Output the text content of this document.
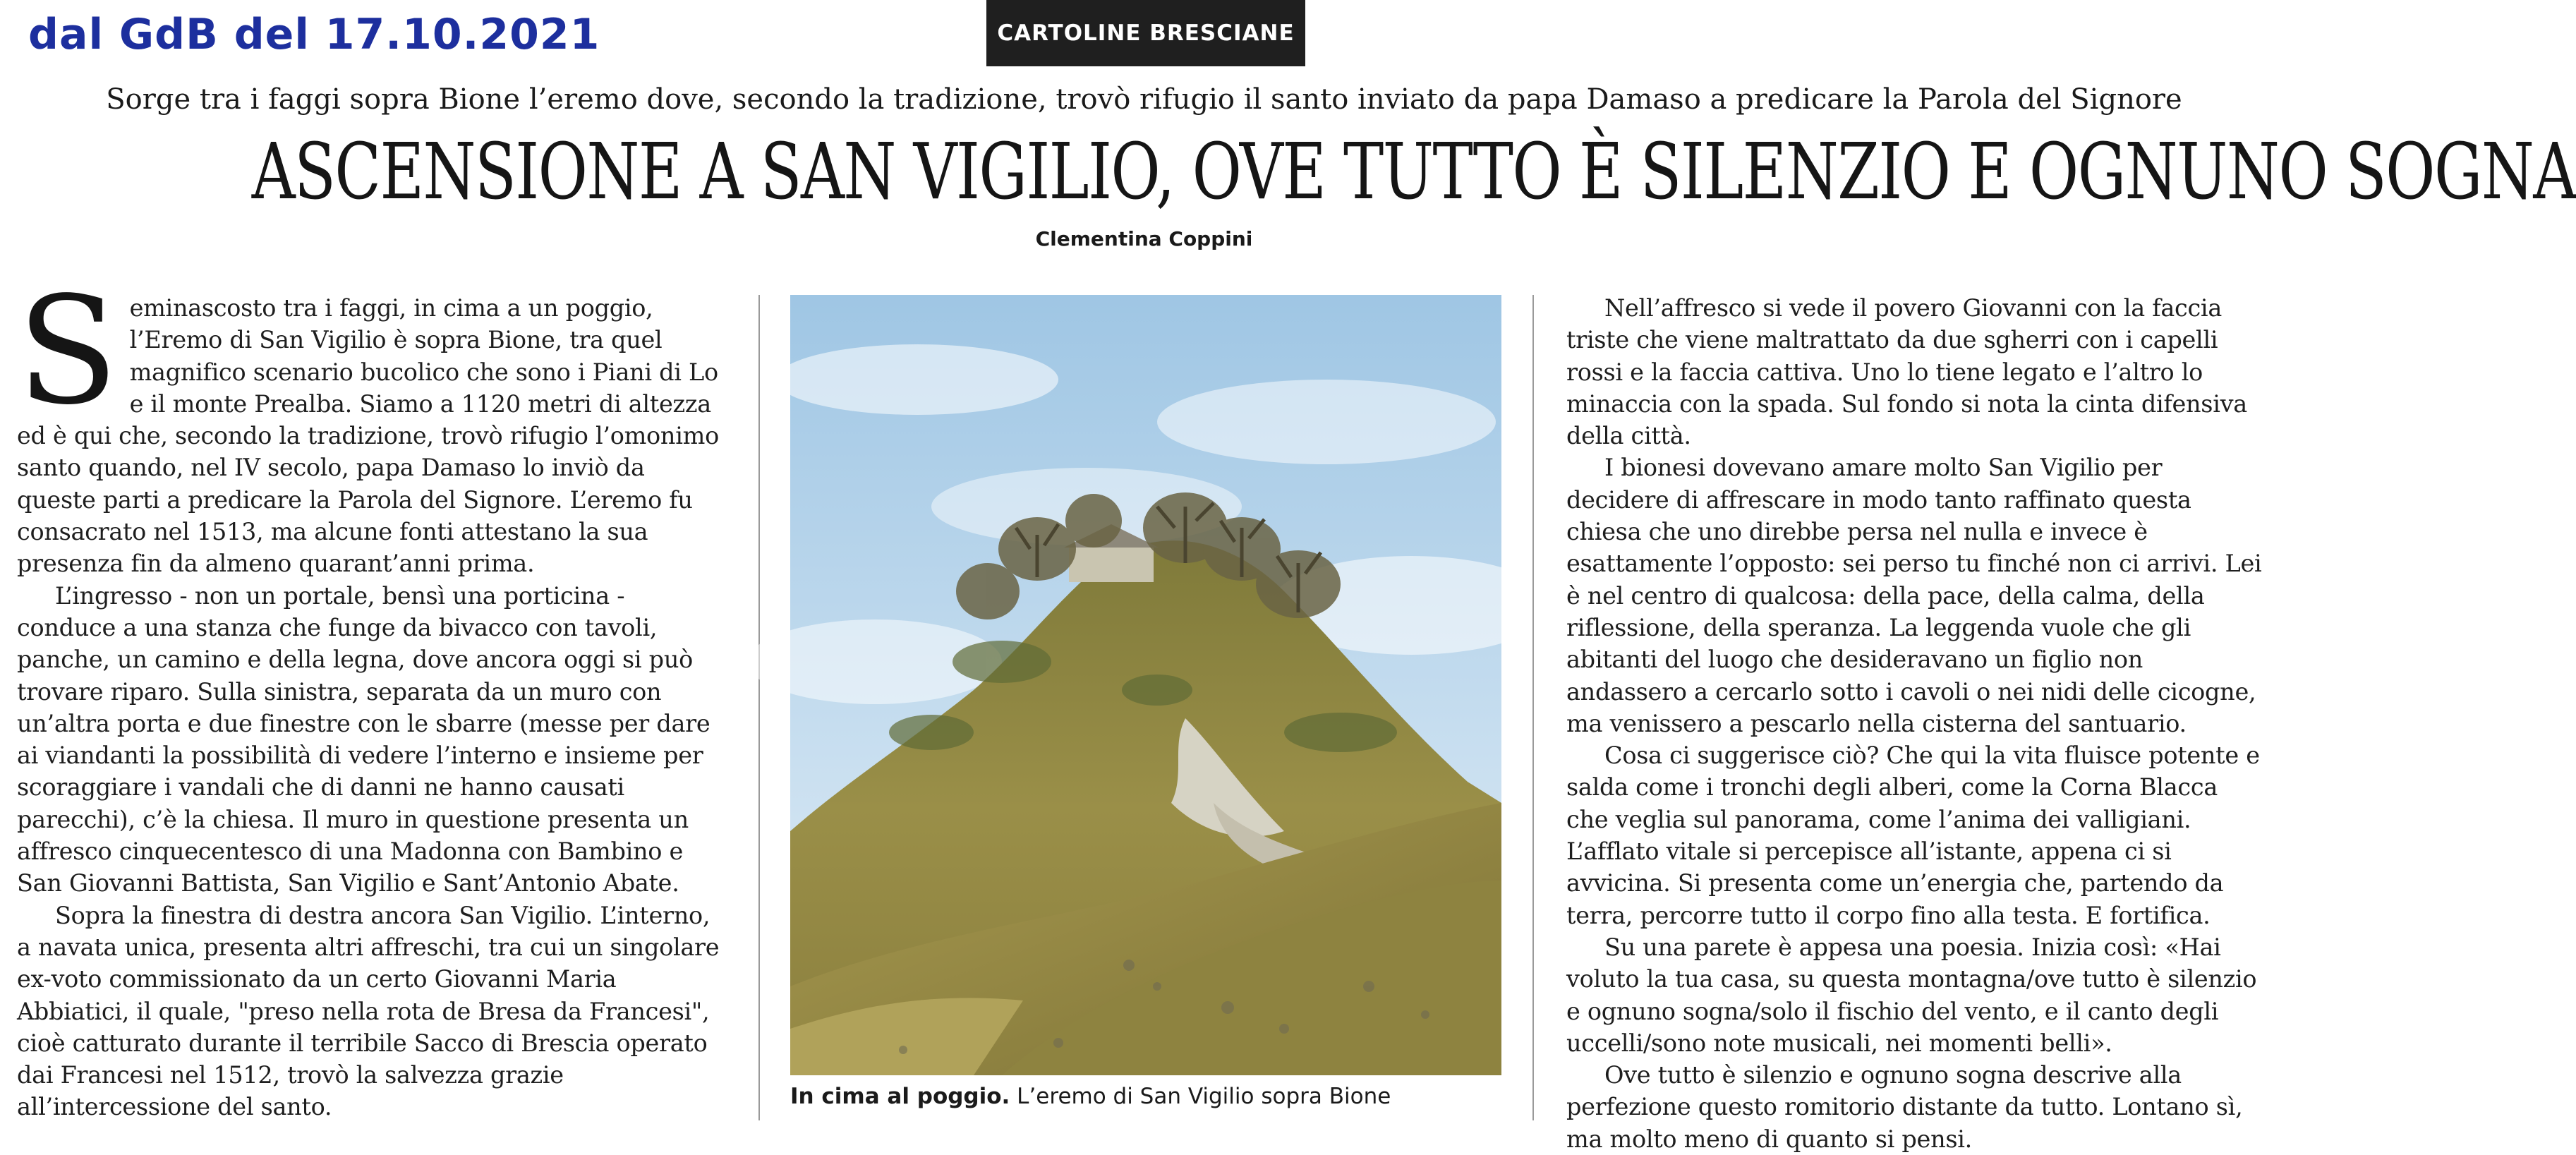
dal GdB del 17.10.2021	CARTOLINE BRESCIANE
Sorge tra i faggi sopra Bione l’eremo dove, secondo la tradizione, trovò rifugio il santo inviato da papa Damaso a predicare la Parola del Signore
ASCENSIONE A SAN VIGILIO, OVE TUTTO È SILENZIO E OGNUNO SOGNA
Clementina Coppini
S eminascosto tra i faggi, in cima a un poggio, l’Eremo di San Vigilio è sopra Bione, tra quel magnifico scenario bucolico che sono i Piani di Lo e il monte Prealba. Siamo a 1120 metri di altezza ed è qui che, secondo la tradizione, trovò rifugio l’omonimo santo quando, nel IV secolo, papa Damaso lo inviò da queste parti a predicare la Parola del Signore. L’eremo fu consacrato nel 1513, ma alcune fonti attestano la sua presenza fin da almeno quarant’anni prima.

L’ingresso - non un portale, bensì una porticina - conduce a una stanza che funge da bivacco con tavoli, panche, un camino e della legna, dove ancora oggi si può trovare riparo. Sulla sinistra, separata da un muro con un’altra porta e due finestre con le sbarre (messe per dare ai viandanti la possibilità di vedere l’interno e insieme per scoraggiare i vandali che di danni ne hanno causati parecchi), c’è la chiesa. Il muro in questione presenta un affresco cinquecentesco di una Madonna con Bambino e San Giovanni Battista, San Vigilio e Sant’Antonio Abate.

Sopra la finestra di destra ancora San Vigilio. L’interno, a navata unica, presenta altri affreschi, tra cui un singolare ex-voto commissionato da un certo Giovanni Maria Abbiatici, il quale, "preso nella rota de Bresa da Francesi", cioè catturato durante il terribile Sacco di Brescia operato dai Francesi nel 1512, trovò la salvezza grazie all’intercessione del santo.	In cima al poggio. L’eremo di San Vigilio sopra Bione

Nell’affresco si vede il povero Giovanni con la faccia triste che viene maltrattato da due sgherri con i capelli rossi e la faccia cattiva. Uno lo tiene legato e l’altro lo minaccia con la spada. Sul fondo si nota la cinta difensiva della città.

I bionesi dovevano amare molto San Vigilio per decidere di affrescare in modo tanto raffinato questa chiesa che uno direbbe persa nel nulla e invece è esattamente l’opposto: sei perso tu finché non ci arrivi. Lei è nel centro di qualcosa: della pace, della calma, della riflessione, della speranza. La leggenda vuole che gli abitanti del luogo che desideravano un figlio non andassero a cercarlo sotto i cavoli o nei nidi delle cicogne, ma venissero a pescarlo nella cisterna del santuario.

Cosa ci suggerisce ciò? Che qui la vita fluisce potente e salda come i tronchi degli alberi, come la Corna Blacca che veglia sul panorama, come l’anima dei valligiani. L’afflato vitale si percepisce all’istante, appena ci si avvicina. Si presenta come un’energia che, partendo da terra, percorre tutto il corpo fino alla testa. E fortifica.

Su una parete è appesa una poesia. Inizia così: «Hai voluto la tua casa, su questa montagna/ove tutto è silenzio e ognuno sogna/solo il fischio del vento, e il canto degli uccelli/sono note musicali, nei momenti belli».

Ove tutto è silenzio e ognuno sogna descrive alla perfezione questo romitorio distante da tutto. Lontano sì, ma molto meno di quanto si pensi.
